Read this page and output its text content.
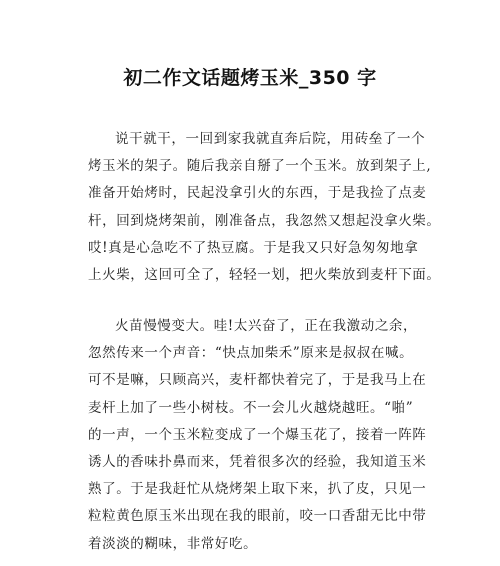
初二作文话题烤玉米_350 字
说干就干，一回到家我就直奔后院，用砖垒了一个
烤玉米的架子。随后我亲自掰了一个玉米。放到架子上,
准备开始烤时，民起没拿引火的东西，于是我捡了点麦
杆，回到烧烤架前，刚准备点，我忽然又想起没拿火柴。
哎!真是心急吃不了热豆腐。于是我又只好急匆匆地拿
上火柴，这回可全了，轻轻一划，把火柴放到麦杆下面。
火苗慢慢变大。哇!太兴奋了，正在我激动之余，
忽然传来一个声音：“快点加柴禾”原来是叔叔在喊。
可不是嘛，只顾高兴，麦杆都快着完了，于是我马上在
麦杆上加了一些小树枝。不一会儿火越烧越旺。“啪”
的一声，一个玉米粒变成了一个爆玉花了，接着一阵阵
诱人的香味扑鼻而来，凭着很多次的经验，我知道玉米
熟了。于是我赶忙从烧烤架上取下来，扒了皮，只见一
粒粒黄色原玉米出现在我的眼前，咬一口香甜无比中带
着淡淡的糊味，非常好吃。
